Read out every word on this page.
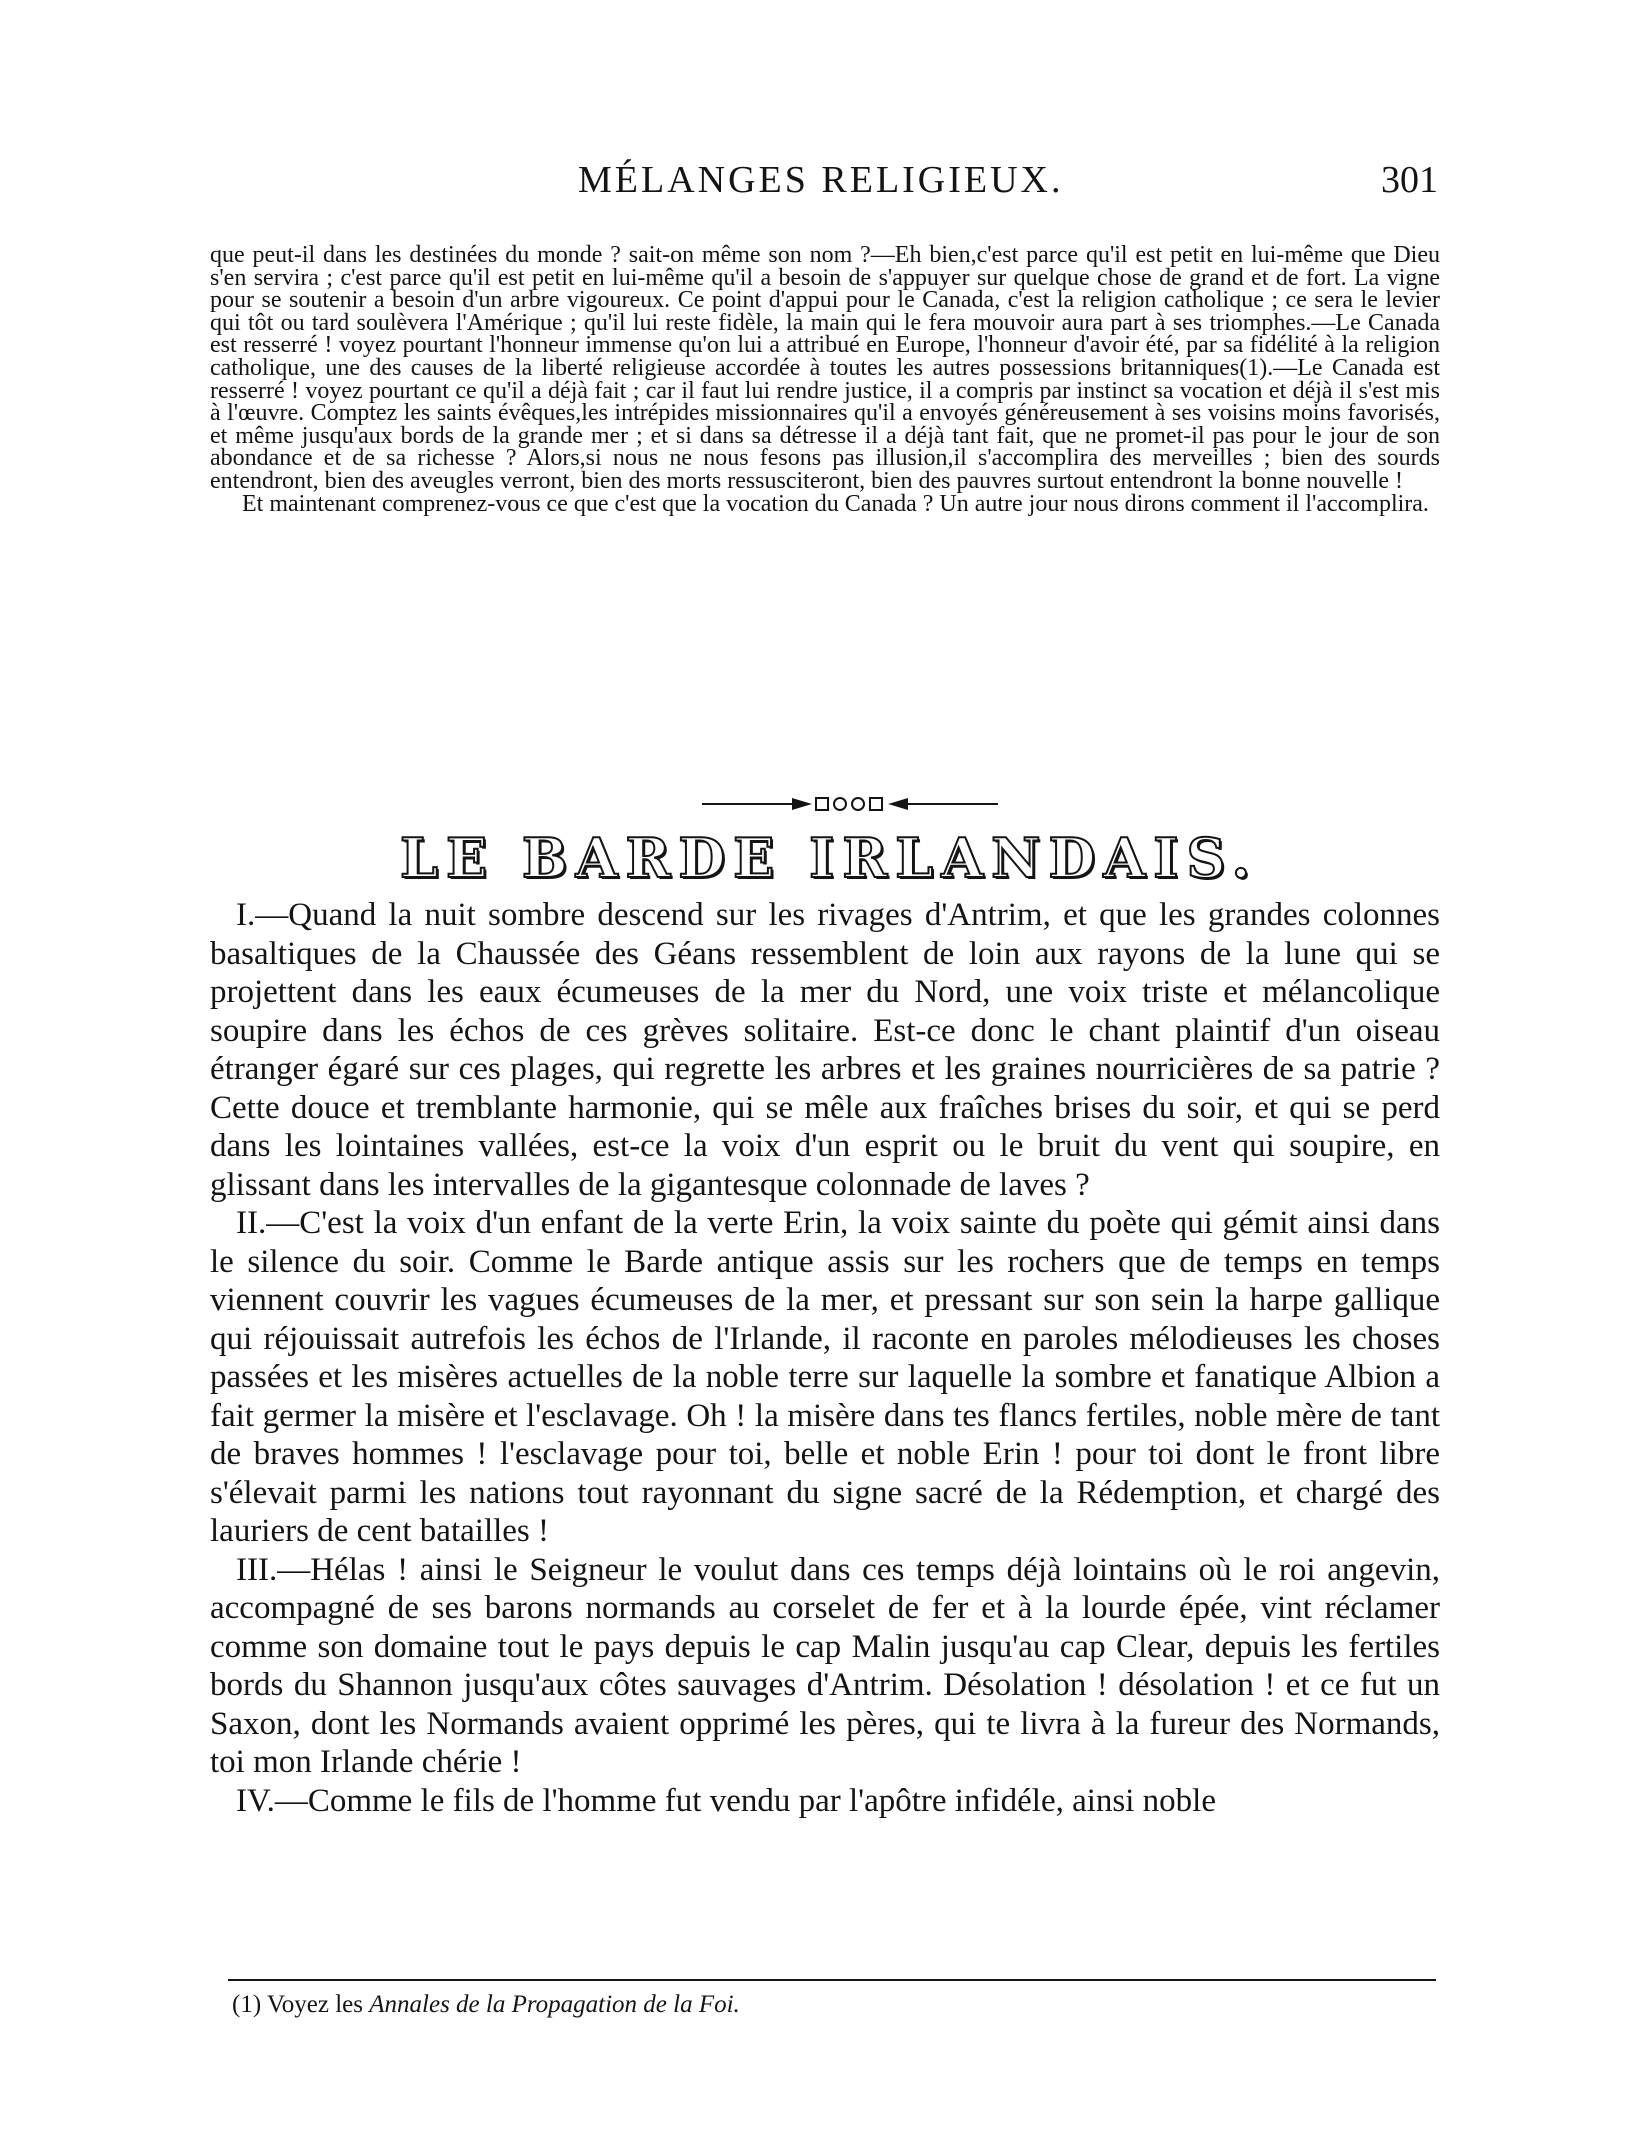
MÉLANGES RELIGIEUX.	301

que peut-il dans les destinées du monde ? sait-on même son nom ?—Eh bien,c'est parce qu'il est petit en lui-même que Dieu s'en servira ; c'est parce qu'il est petit en lui-même qu'il a besoin de s'appuyer sur quelque chose de grand et de fort. La vigne pour se soutenir a besoin d'un arbre vigoureux. Ce point d'appui pour le Canada, c'est la religion catholique ; ce sera le levier qui tôt ou tard soulèvera l'Amérique ; qu'il lui reste fidèle, la main qui le fera mouvoir aura part à ses triomphes.—Le Canada est resserré ! voyez pourtant l'honneur immense qu'on lui a attribué en Europe, l'honneur d'avoir été, par sa fidélité à la religion catholique, une des causes de la liberté religieuse accordée à toutes les autres possessions britanniques(1).—Le Canada est resserré ! voyez pourtant ce qu'il a déjà fait ; car il faut lui rendre justice, il a compris par instinct sa vocation et déjà il s'est mis à l'œuvre. Comptez les saints évêques,les intrépides missionnaires qu'il a envoyés généreusement à ses voisins moins favorisés, et même jusqu'aux bords de la grande mer ; et si dans sa détresse il a déjà tant fait, que ne promet-il pas pour le jour de son abondance et de sa richesse ? Alors,si nous ne nous fesons pas illusion,il s'accomplira des merveilles ; bien des sourds entendront, bien des aveugles verront, bien des morts ressusciteront, bien des pauvres surtout entendront la bonne nouvelle !

Et maintenant comprenez-vous ce que c'est que la vocation du Canada ? Un autre jour nous dirons comment il l'accomplira.

LE BARDE IRLANDAIS.

I.—Quand la nuit sombre descend sur les rivages d'Antrim, et que les grandes colonnes basaltiques de la Chaussée des Géans ressemblent de loin aux rayons de la lune qui se projettent dans les eaux écumeuses de la mer du Nord, une voix triste et mélancolique soupire dans les échos de ces grèves solitaire. Est-ce donc le chant plaintif d'un oiseau étranger égaré sur ces plages, qui regrette les arbres et les graines nourricières de sa patrie ? Cette douce et tremblante harmonie, qui se mêle aux fraîches brises du soir, et qui se perd dans les lointaines vallées, est-ce la voix d'un esprit ou le bruit du vent qui soupire, en glissant dans les intervalles de la gigantesque colonnade de laves ?

II.—C'est la voix d'un enfant de la verte Erin, la voix sainte du poète qui gémit ainsi dans le silence du soir. Comme le Barde antique assis sur les rochers que de temps en temps viennent couvrir les vagues écumeuses de la mer, et pressant sur son sein la harpe gallique qui réjouissait autrefois les échos de l'Irlande, il raconte en paroles mélodieuses les choses passées et les misères actuelles de la noble terre sur laquelle la sombre et fanatique Albion a fait germer la misère et l'esclavage. Oh ! la misère dans tes flancs fertiles, noble mère de tant de braves hommes ! l'esclavage pour toi, belle et noble Erin ! pour toi dont le front libre s'élevait parmi les nations tout rayonnant du signe sacré de la Rédemption, et chargé des lauriers de cent batailles !

III.—Hélas ! ainsi le Seigneur le voulut dans ces temps déjà lointains où le roi angevin, accompagné de ses barons normands au corselet de fer et à la lourde épée, vint réclamer comme son domaine tout le pays depuis le cap Malin jusqu'au cap Clear, depuis les fertiles bords du Shannon jusqu'aux côtes sauvages d'Antrim. Désolation ! désolation ! et ce fut un Saxon, dont les Normands avaient opprimé les pères, qui te livra à la fureur des Normands, toi mon Irlande chérie !

IV.—Comme le fils de l'homme fut vendu par l'apôtre infidéle, ainsi noble

(1) Voyez les Annales de la Propagation de la Foi.
